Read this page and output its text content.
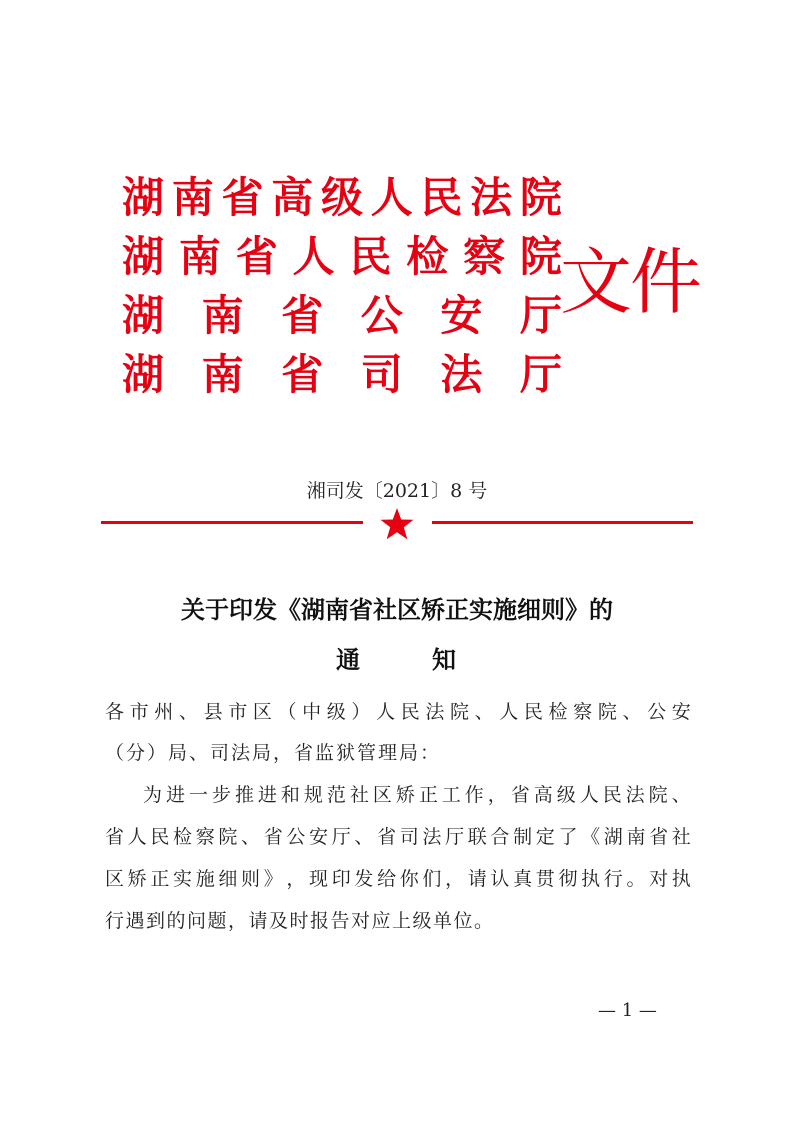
湖 南 省 高 级 人 民 法 院
湖 南 省 人 民 检 察 院
湖 南 省 公 安 厅
湖 南 省 司 法 厅
文件
湘司发〔2021〕8 号
关于印发《湖南省社区矫正实施细则》的
通	知
各 市 州 、 县 市 区 （ 中 级 ） 人 民 法 院 、 人 民 检 察 院 、 公 安
（分）局、司法局，省监狱管理局：
为 进 一 步 推 进 和 规 范 社 区 矫 正 工 作 ， 省 高 级 人 民 法 院 、
省 人 民 检 察 院 、 省 公 安 厅 、 省 司 法 厅 联 合 制 定 了 《 湖 南 省 社
区 矫 正 实 施 细 则 》 ， 现 印 发 给 你 们 ， 请 认 真 贯 彻 执 行 。 对 执
行遇到的问题，请及时报告对应上级单位。
— 1 —
